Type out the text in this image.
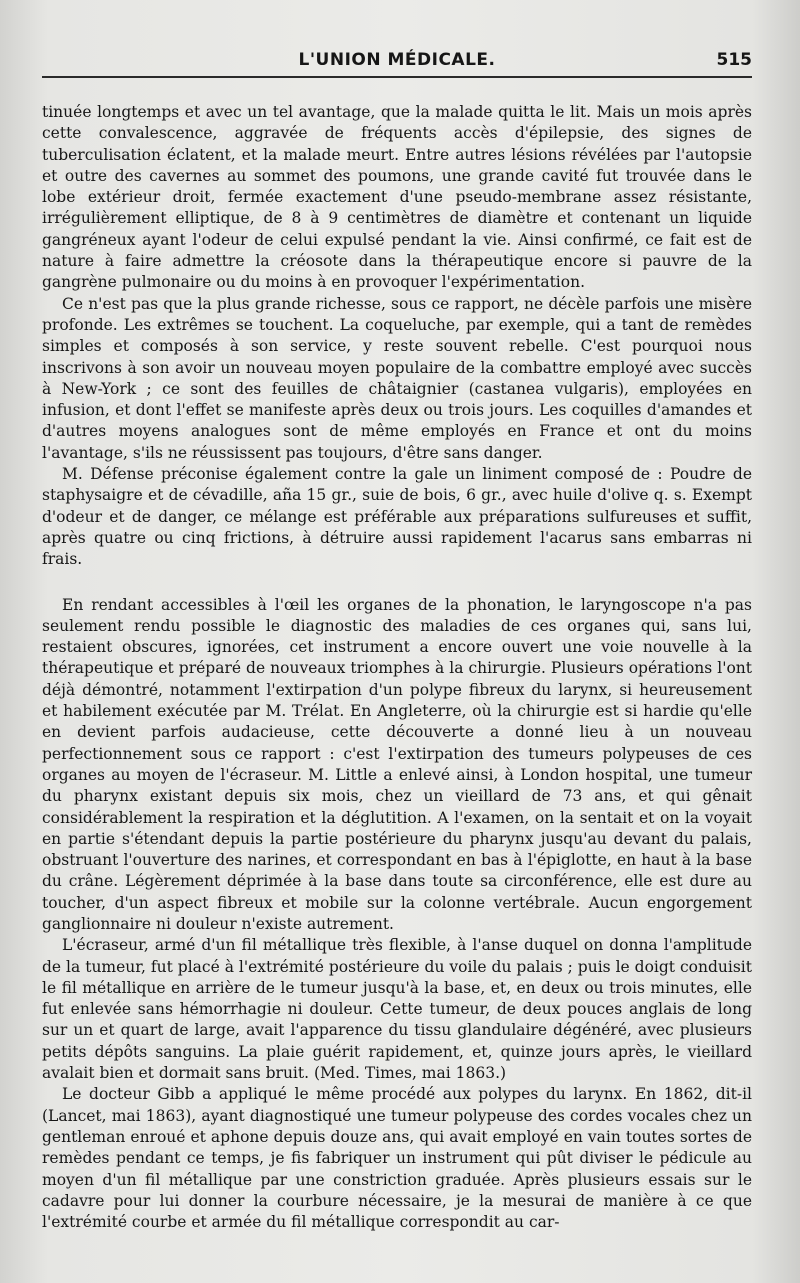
L'UNION MÉDICALE.	515

tinuée longtemps et avec un tel avantage, que la malade quitta le lit. Mais un mois après cette convalescence, aggravée de fréquents accès d'épilepsie, des signes de tuberculisation éclatent, et la malade meurt. Entre autres lésions révélées par l'autopsie et outre des cavernes au sommet des poumons, une grande cavité fut trouvée dans le lobe extérieur droit, fermée exactement d'une pseudo-membrane assez résistante, irrégulièrement elliptique, de 8 à 9 centimètres de diamètre et contenant un liquide gangréneux ayant l'odeur de celui expulsé pendant la vie. Ainsi confirmé, ce fait est de nature à faire admettre la créosote dans la thérapeutique encore si pauvre de la gangrène pulmonaire ou du moins à en provoquer l'expérimentation.

Ce n'est pas que la plus grande richesse, sous ce rapport, ne décèle parfois une misère profonde. Les extrêmes se touchent. La coqueluche, par exemple, qui a tant de remèdes simples et composés à son service, y reste souvent rebelle. C'est pourquoi nous inscrivons à son avoir un nouveau moyen populaire de la combattre employé avec succès à New-York ; ce sont des feuilles de châtaignier (castanea vulgaris), employées en infusion, et dont l'effet se manifeste après deux ou trois jours. Les coquilles d'amandes et d'autres moyens analogues sont de même employés en France et ont du moins l'avantage, s'ils ne réussissent pas toujours, d'être sans danger.

M. Défense préconise également contre la gale un liniment composé de : Poudre de staphysaigre et de cévadille, aña 15 gr., suie de bois, 6 gr., avec huile d'olive q. s. Exempt d'odeur et de danger, ce mélange est préférable aux préparations sulfureuses et suffit, après quatre ou cinq frictions, à détruire aussi rapidement l'acarus sans embarras ni frais.

En rendant accessibles à l'œil les organes de la phonation, le laryngoscope n'a pas seulement rendu possible le diagnostic des maladies de ces organes qui, sans lui, restaient obscures, ignorées, cet instrument a encore ouvert une voie nouvelle à la thérapeutique et préparé de nouveaux triomphes à la chirurgie. Plusieurs opérations l'ont déjà démontré, notamment l'extirpation d'un polype fibreux du larynx, si heureusement et habilement exécutée par M. Trélat. En Angleterre, où la chirurgie est si hardie qu'elle en devient parfois audacieuse, cette découverte a donné lieu à un nouveau perfectionnement sous ce rapport : c'est l'extirpation des tumeurs polypeuses de ces organes au moyen de l'écraseur. M. Little a enlevé ainsi, à London hospital, une tumeur du pharynx existant depuis six mois, chez un vieillard de 73 ans, et qui gênait considérablement la respiration et la déglutition. A l'examen, on la sentait et on la voyait en partie s'étendant depuis la partie postérieure du pharynx jusqu'au devant du palais, obstruant l'ouverture des narines, et correspondant en bas à l'épiglotte, en haut à la base du crâne. Légèrement déprimée à la base dans toute sa circonférence, elle est dure au toucher, d'un aspect fibreux et mobile sur la colonne vertébrale. Aucun engorgement ganglionnaire ni douleur n'existe autrement.

L'écraseur, armé d'un fil métallique très flexible, à l'anse duquel on donna l'amplitude de la tumeur, fut placé à l'extrémité postérieure du voile du palais ; puis le doigt conduisit le fil métallique en arrière de le tumeur jusqu'à la base, et, en deux ou trois minutes, elle fut enlevée sans hémorrhagie ni douleur. Cette tumeur, de deux pouces anglais de long sur un et quart de large, avait l'apparence du tissu glandulaire dégénéré, avec plusieurs petits dépôts sanguins. La plaie guérit rapidement, et, quinze jours après, le vieillard avalait bien et dormait sans bruit. (Med. Times, mai 1863.)

Le docteur Gibb a appliqué le même procédé aux polypes du larynx. En 1862, dit-il (Lancet, mai 1863), ayant diagnostiqué une tumeur polypeuse des cordes vocales chez un gentleman enroué et aphone depuis douze ans, qui avait employé en vain toutes sortes de remèdes pendant ce temps, je fis fabriquer un instrument qui pût diviser le pédicule au moyen d'un fil métallique par une constriction graduée. Après plusieurs essais sur le cadavre pour lui donner la courbure nécessaire, je la mesurai de manière à ce que l'extrémité courbe et armée du fil métallique correspondit au car-
